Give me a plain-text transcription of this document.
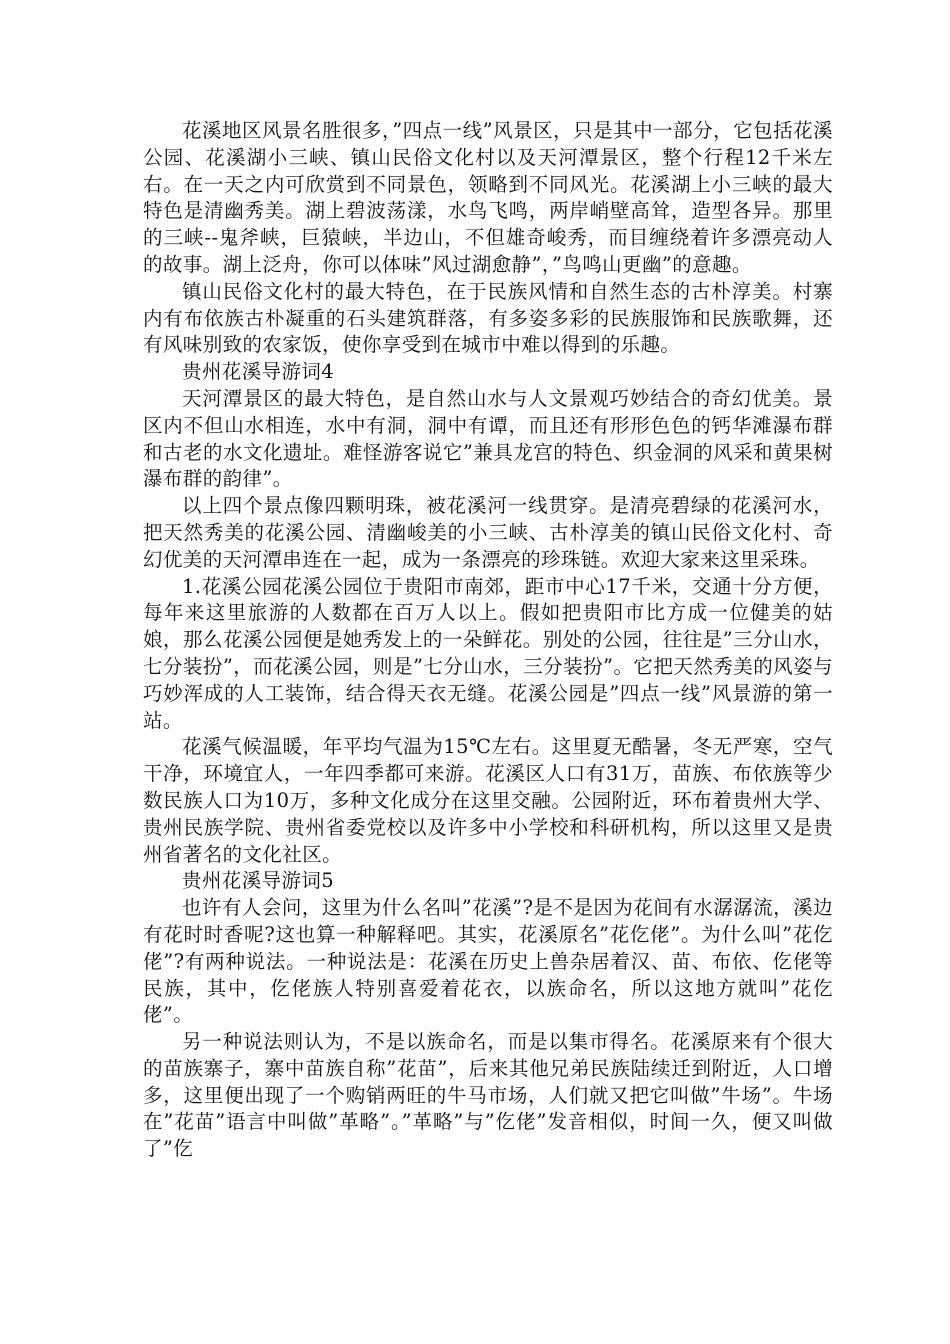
花溪地区风景名胜很多，”四点一线”风景区，只是其中一部分，它包括花溪公园、花溪湖小三峡、镇山民俗文化村以及天河潭景区，整个行程12千米左右。在一天之内可欣赏到不同景色，领略到不同风光。花溪湖上小三峡的最大特色是清幽秀美。湖上碧波荡漾，水鸟飞鸣，两岸峭壁高耸，造型各异。那里的三峡--鬼斧峡，巨猿峡，半边山，不但雄奇峻秀，而目缠绕着许多漂亮动人的故事。湖上泛舟，你可以体味”风过湖愈静”，”鸟鸣山更幽”的意趣。

镇山民俗文化村的最大特色，在于民族风情和自然生态的古朴淳美。村寨内有布依族古朴凝重的石头建筑群落，有多姿多彩的民族服饰和民族歌舞，还有风味别致的农家饭，使你享受到在城市中难以得到的乐趣。

贵州花溪导游词4

天河潭景区的最大特色，是自然山水与人文景观巧妙结合的奇幻优美。景区内不但山水相连，水中有洞，洞中有谭，而且还有形形色色的钙华滩瀑布群和古老的水文化遗址。难怪游客说它”兼具龙宫的特色、织金洞的风采和黄果树瀑布群的韵律”。

以上四个景点像四颗明珠，被花溪河一线贯穿。是清亮碧绿的花溪河水，把天然秀美的花溪公园、清幽峻美的小三峡、古朴淳美的镇山民俗文化村、奇幻优美的天河潭串连在一起，成为一条漂亮的珍珠链。欢迎大家来这里采珠。

1.花溪公园花溪公园位于贵阳市南郊，距市中心17千米，交通十分方便，每年来这里旅游的人数都在百万人以上。假如把贵阳市比方成一位健美的姑娘，那么花溪公园便是她秀发上的一朵鲜花。别处的公园，往往是”三分山水，七分装扮”，而花溪公园，则是”七分山水，三分装扮”。它把天然秀美的风姿与巧妙浑成的人工装饰，结合得天衣无缝。花溪公园是”四点一线”风景游的第一站。

花溪气候温暖，年平均气温为15℃左右。这里夏无酷暑，冬无严寒，空气干净，环境宜人，一年四季都可来游。花溪区人口有31万，苗族、布依族等少数民族人口为10万，多种文化成分在这里交融。公园附近，环布着贵州大学、贵州民族学院、贵州省委党校以及许多中小学校和科研机构，所以这里又是贵州省著名的文化社区。

贵州花溪导游词5

也许有人会问，这里为什么名叫”花溪”?是不是因为花间有水潺潺流，溪边有花时时香呢?这也算一种解释吧。其实，花溪原名”花仡佬”。为什么叫”花仡佬”?有两种说法。一种说法是：花溪在历史上兽杂居着汉、苗、布依、仡佬等民族，其中，仡佬族人特别喜爱着花衣，以族命名，所以这地方就叫”花仡佬”。

另一种说法则认为，不是以族命名，而是以集市得名。花溪原来有个很大的苗族寨子，寨中苗族自称”花苗”，后来其他兄弟民族陆续迁到附近，人口增多，这里便出现了一个购销两旺的牛马市场，人们就又把它叫做”牛场”。牛场在”花苗”语言中叫做”革略”。”革略”与”仡佬”发音相似，时间一久，便又叫做了”仡
